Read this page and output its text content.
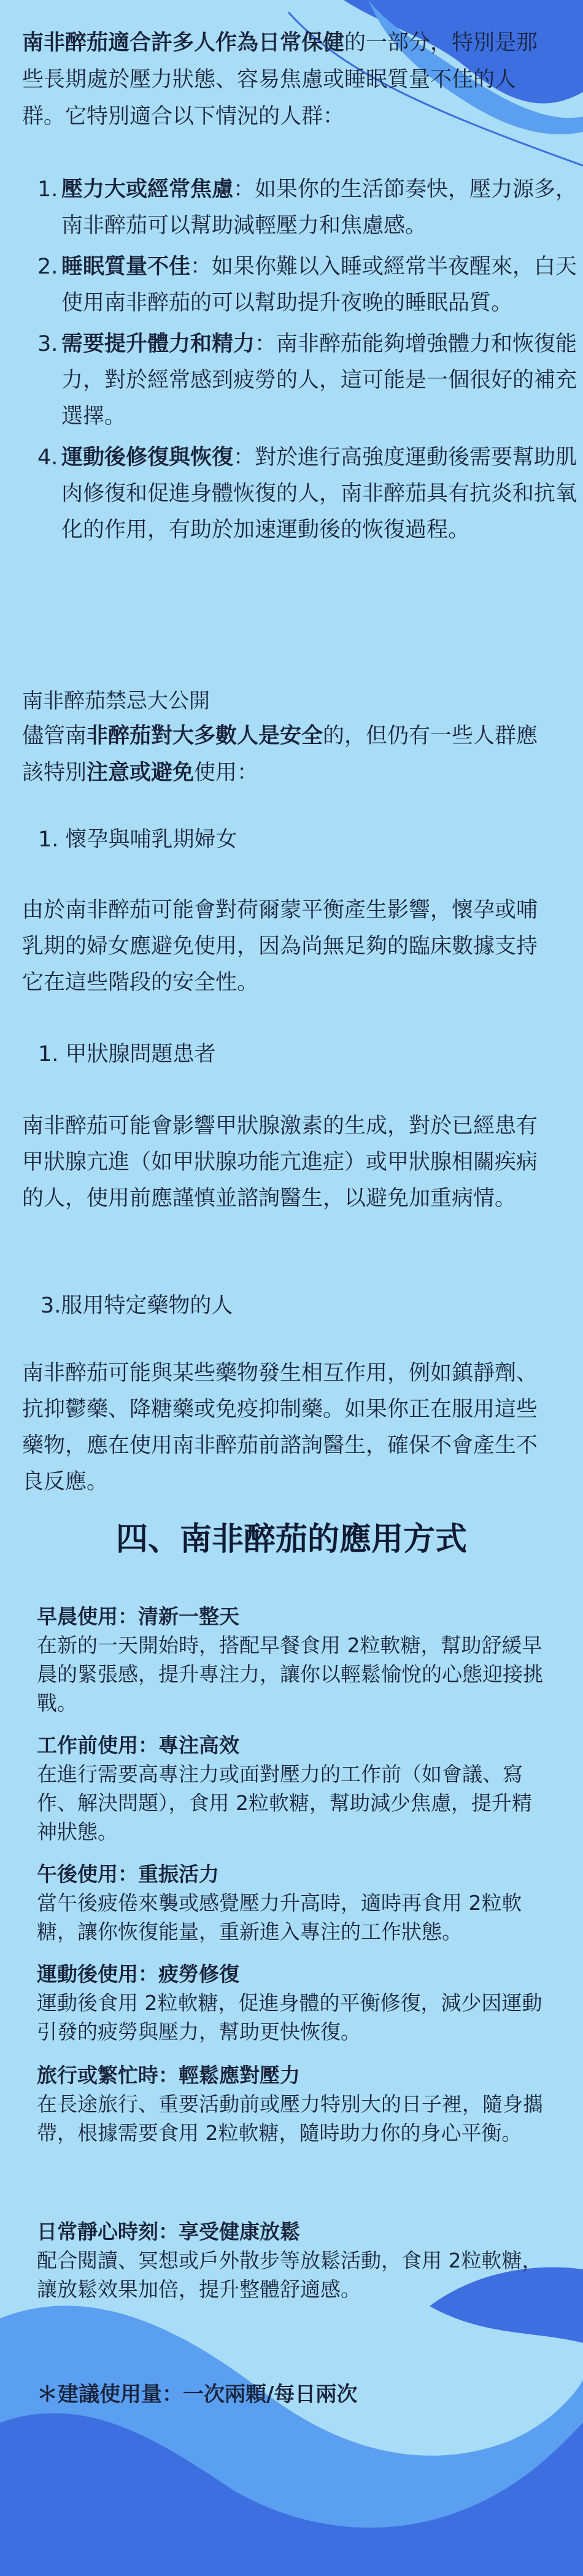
南非醉茄適合許多人作為日常保健的一部分，特別是那些長期處於壓力狀態、容易焦慮或睡眠質量不佳的人群。它特別適合以下情況的人群：
1. 壓力大或經常焦慮：如果你的生活節奏快，壓力源多，南非醉茄可以幫助減輕壓力和焦慮感。
2. 睡眠質量不佳：如果你難以入睡或經常半夜醒來，白天使用南非醉茄的可以幫助提升夜晚的睡眠品質。
3. 需要提升體力和精力：南非醉茄能夠增強體力和恢復能力，對於經常感到疲勞的人，這可能是一個很好的補充選擇。
4. 運動後修復與恢復：對於進行高強度運動後需要幫助肌肉修復和促進身體恢復的人，南非醉茄具有抗炎和抗氧化的作用，有助於加速運動後的恢復過程。

南非醉茄禁忌大公開

儘管南非醉茄對大多數人是安全的，但仍有一些人群應該特別注意或避免使用：

1. 懷孕與哺乳期婦女

由於南非醉茄可能會對荷爾蒙平衡產生影響，懷孕或哺乳期的婦女應避免使用，因為尚無足夠的臨床數據支持它在這些階段的安全性。

1. 甲狀腺問題患者

南非醉茄可能會影響甲狀腺激素的生成，對於已經患有甲狀腺亢進（如甲狀腺功能亢進症）或甲狀腺相關疾病的人，使用前應謹慎並諮詢醫生，以避免加重病情。

3.服用特定藥物的人

南非醉茄可能與某些藥物發生相互作用，例如鎮靜劑、抗抑鬱藥、降糖藥或免疫抑制藥。如果你正在服用這些藥物，應在使用南非醉茄前諮詢醫生，確保不會產生不良反應。

四、南非醉茄的應用方式
早晨使用：清新一整天
在新的一天開始時，搭配早餐食用 2粒軟糖，幫助舒緩早晨的緊張感，提升專注力，讓你以輕鬆愉悅的心態迎接挑戰。
工作前使用：專注高效
在進行需要高專注力或面對壓力的工作前（如會議、寫作、解決問題），食用 2粒軟糖，幫助減少焦慮，提升精神狀態。
午後使用：重振活力
當午後疲倦來襲或感覺壓力升高時，適時再食用 2粒軟糖，讓你恢復能量，重新進入專注的工作狀態。
運動後使用：疲勞修復
運動後食用 2粒軟糖，促進身體的平衡修復，減少因運動引發的疲勞與壓力，幫助更快恢復。
旅行或繁忙時：輕鬆應對壓力
在長途旅行、重要活動前或壓力特別大的日子裡，隨身攜帶，根據需要食用 2粒軟糖，隨時助力你的身心平衡。
日常靜心時刻：享受健康放鬆
配合閱讀、冥想或戶外散步等放鬆活動，食用 2粒軟糖，讓放鬆效果加倍，提升整體舒適感。

＊建議使用量：一次兩顆/每日兩次
